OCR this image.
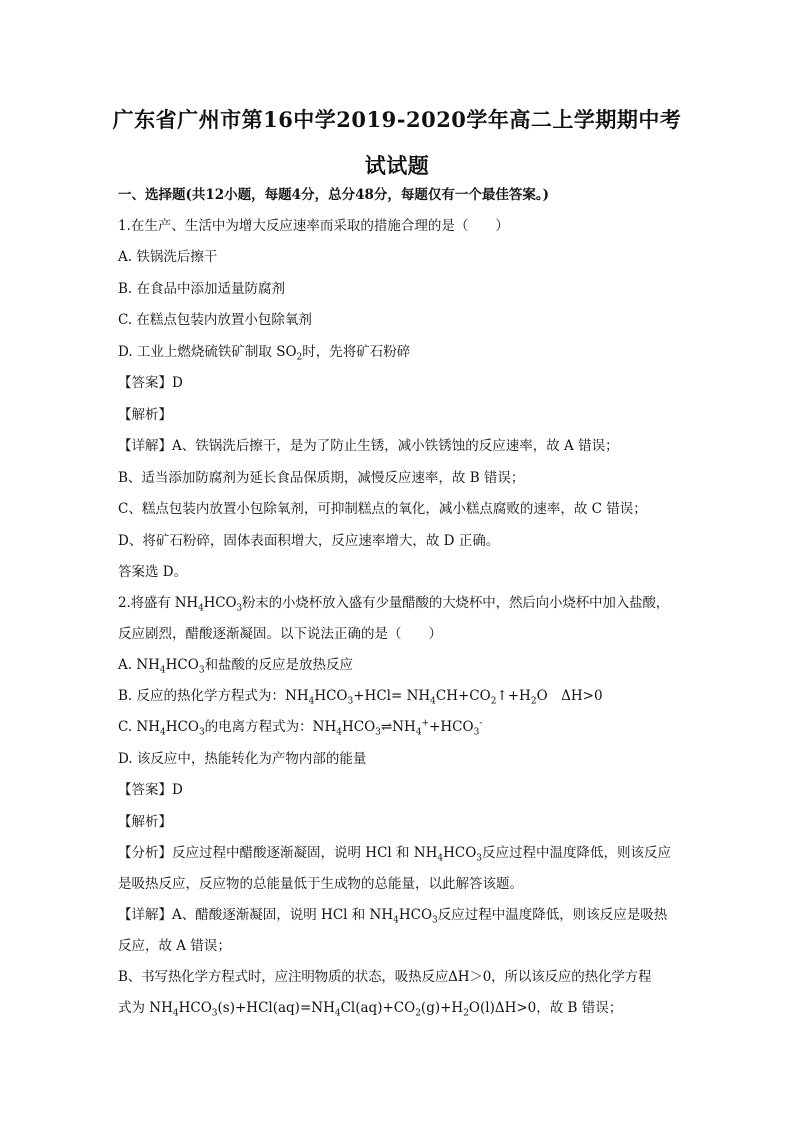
广东省广州市第16中学2019-2020学年高二上学期期中考
试试题
一、选择题(共12小题，每题4分，总分48分，每题仅有一个最佳答案。)
1.在生产、生活中为增大反应速率而采取的措施合理的是（　　）
A. 铁锅洗后擦干
B. 在食品中添加适量防腐剂
C. 在糕点包装内放置小包除氧剂
D. 工业上燃烧硫铁矿制取 $SO_2$时，先将矿石粉碎
【答案】D
【解析】
【详解】A、铁锅洗后擦干，是为了防止生锈，减小铁锈蚀的反应速率，故 A 错误；
B、适当添加防腐剂为延长食品保质期，减慢反应速率，故 B 错误；
C、糕点包装内放置小包除氧剂，可抑制糕点的氧化，减小糕点腐败的速率，故 C 错误；
D、将矿石粉碎，固体表面积增大，反应速率增大，故 D 正确。
答案选 D。
2.将盛有 $NH_4HCO_3$粉末的小烧杯放入盛有少量醋酸的大烧杯中，然后向小烧杯中加入盐酸，
反应剧烈，醋酸逐渐凝固。以下说法正确的是（　　）
A. $NH_4HCO_3$和盐酸的反应是放热反应
B. 反应的热化学方程式为：$NH_4HCO_3+HCl=$ $NH_4CH+CO_2↑+H_2O$　ΔH>0
C. $NH_4HCO_3$的电离方程式为：$NH_4HCO_3\rightleftharpoons NH_4^++HCO_3^-$
D. 该反应中，热能转化为产物内部的能量
【答案】D
【解析】
【分析】反应过程中醋酸逐渐凝固，说明 HCl 和 $NH_4HCO_3$反应过程中温度降低，则该反应
是吸热反应，反应物的总能量低于生成物的总能量，以此解答该题。
【详解】A、醋酸逐渐凝固，说明 HCl 和 $NH_4HCO_3$反应过程中温度降低，则该反应是吸热
反应，故 A 错误；
B、书写热化学方程式时，应注明物质的状态，吸热反应ΔH＞0，所以该反应的热化学方程
式为 $NH_4HCO_3(s)+HCl(aq)=NH_4Cl(aq)+CO_2(g)+H_2O(l)\Delta H>0$，故 B 错误；
